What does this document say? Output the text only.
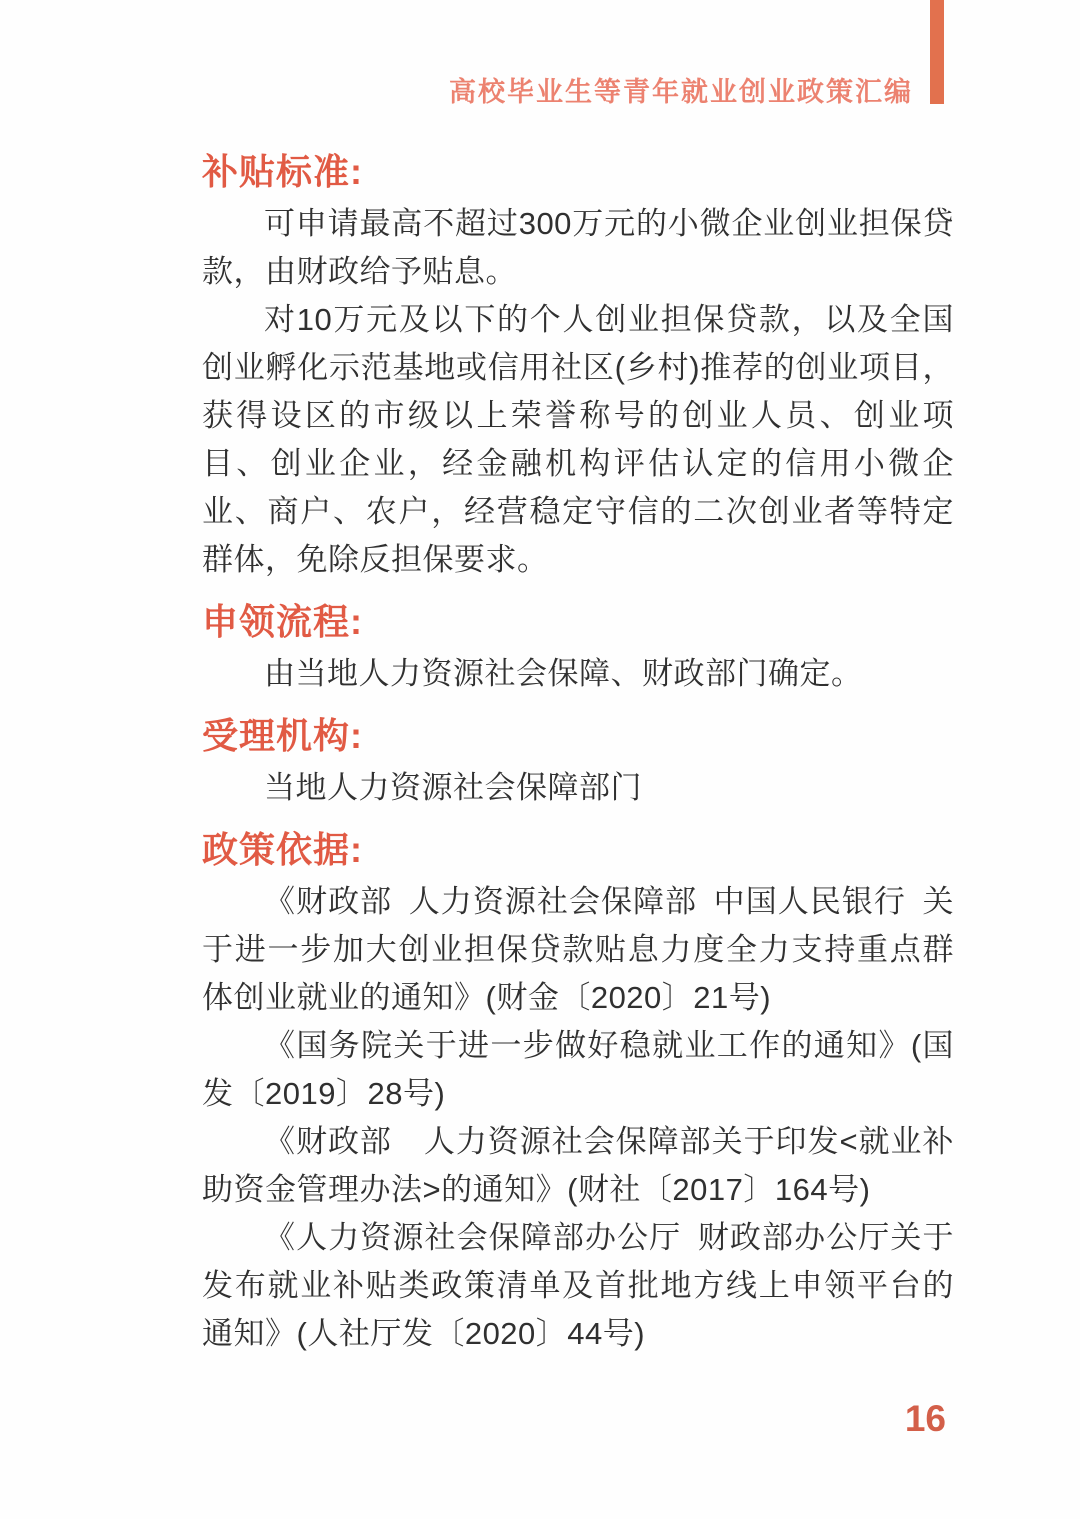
高校毕业生等青年就业创业政策汇编
补贴标准:

可申请最高不超过300万元的小微企业创业担保贷款，由财政给予贴息。

对10万元及以下的个人创业担保贷款，以及全国创业孵化示范基地或信用社区(乡村)推荐的创业项目，获得设区的市级以上荣誉称号的创业人员、创业项目、创业企业，经金融机构评估认定的信用小微企业、商户、农户，经营稳定守信的二次创业者等特定群体，免除反担保要求。

申领流程:

由当地人力资源社会保障、财政部门确定。

受理机构:

当地人力资源社会保障部门

政策依据:

《财政部 人力资源社会保障部 中国人民银行 关于进一步加大创业担保贷款贴息力度全力支持重点群体创业就业的通知》(财金〔2020〕21号)

《国务院关于进一步做好稳就业工作的通知》(国发〔2019〕28号)

《财政部　人力资源社会保障部关于印发<就业补助资金管理办法>的通知》(财社〔2017〕164号)

《人力资源社会保障部办公厅 财政部办公厅关于发布就业补贴类政策清单及首批地方线上申领平台的通知》(人社厅发〔2020〕44号)

16
